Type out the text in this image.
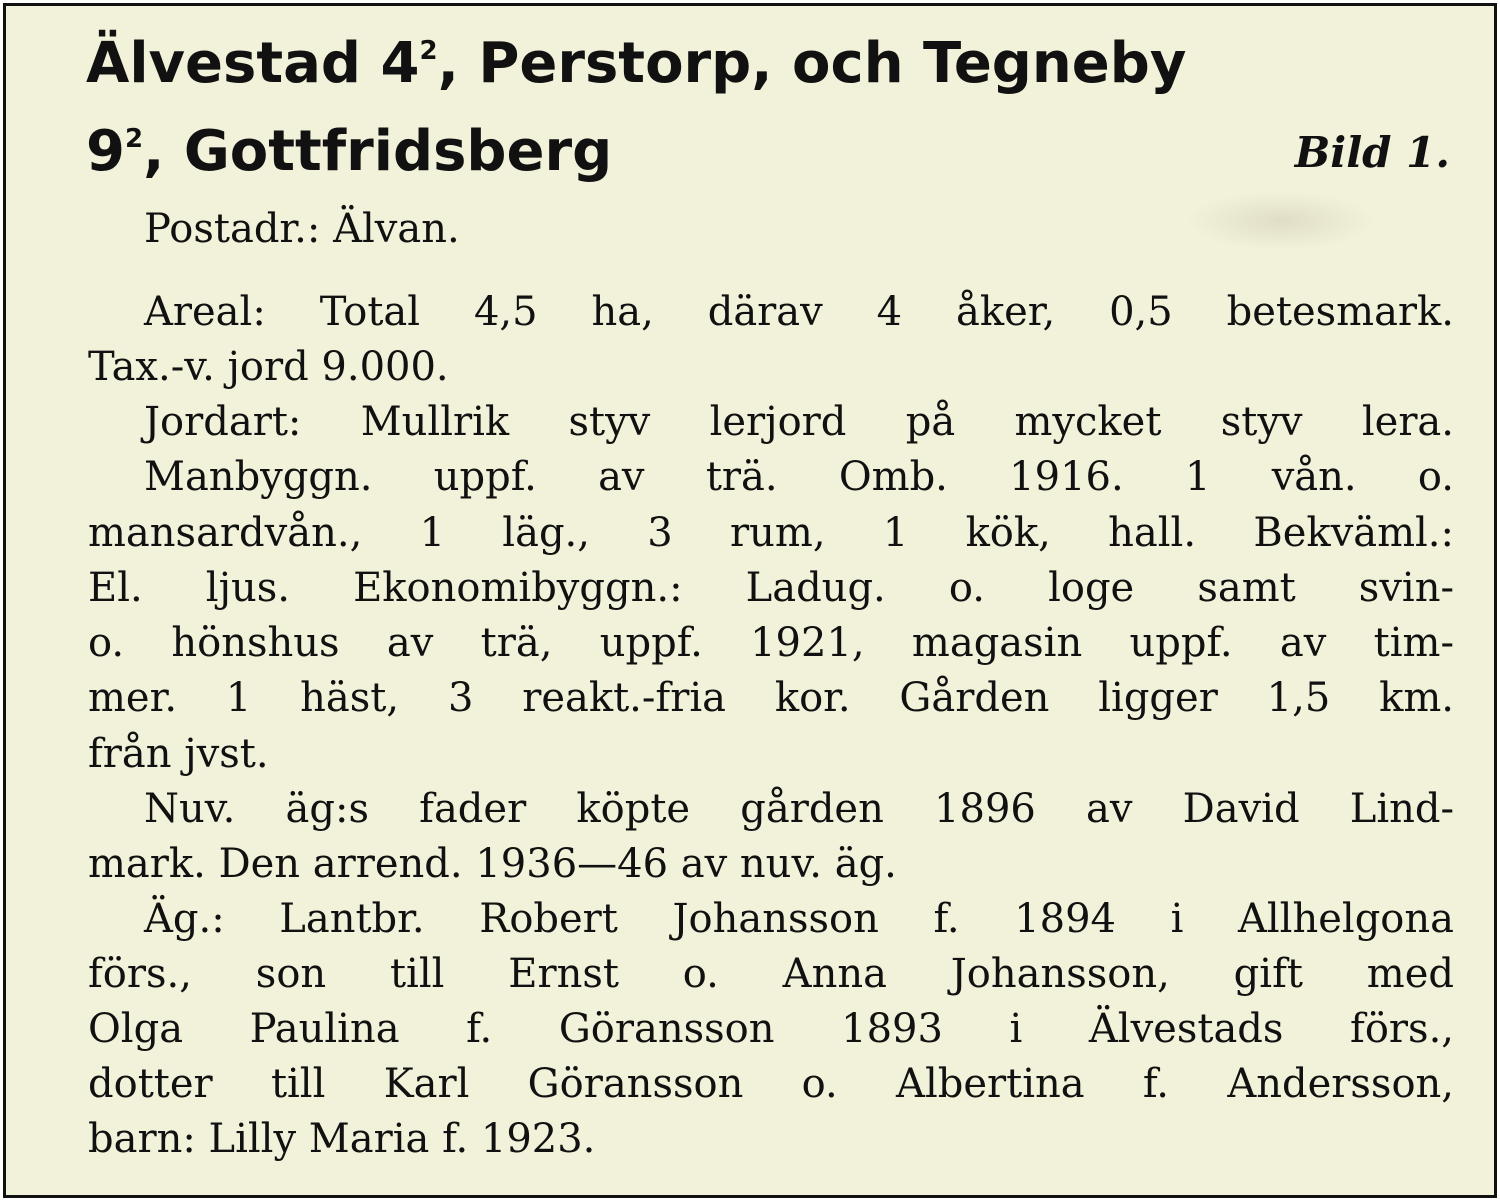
Älvestad $4^2$, Perstorp, och Tegneby
$9^2$, Gottfridsberg	Bild 1.
Postadr.: Älvan.
Areal: Total 4,5 ha, därav 4 åker, 0,5 betesmark.
Tax.-v. jord 9.000.
Jordart: Mullrik styv lerjord på mycket styv lera.
Manbyggn. uppf. av trä. Omb. 1916. 1 vån. o.
mansardvån., 1 läg., 3 rum, 1 kök, hall. Bekväml.:
El. ljus. Ekonomibyggn.: Ladug. o. loge samt svin-
o. hönshus av trä, uppf. 1921, magasin uppf. av tim-
mer. 1 häst, 3 reakt.-fria kor. Gården ligger 1,5 km.
från jvst.
Nuv. äg:s fader köpte gården 1896 av David Lind-
mark. Den arrend. 1936—46 av nuv. äg.
Äg.: Lantbr. Robert Johansson f. 1894 i Allhelgona
förs., son till Ernst o. Anna Johansson, gift med
Olga Paulina f. Göransson 1893 i Älvestads förs.,
dotter till Karl Göransson o. Albertina f. Andersson,
barn: Lilly Maria f. 1923.
